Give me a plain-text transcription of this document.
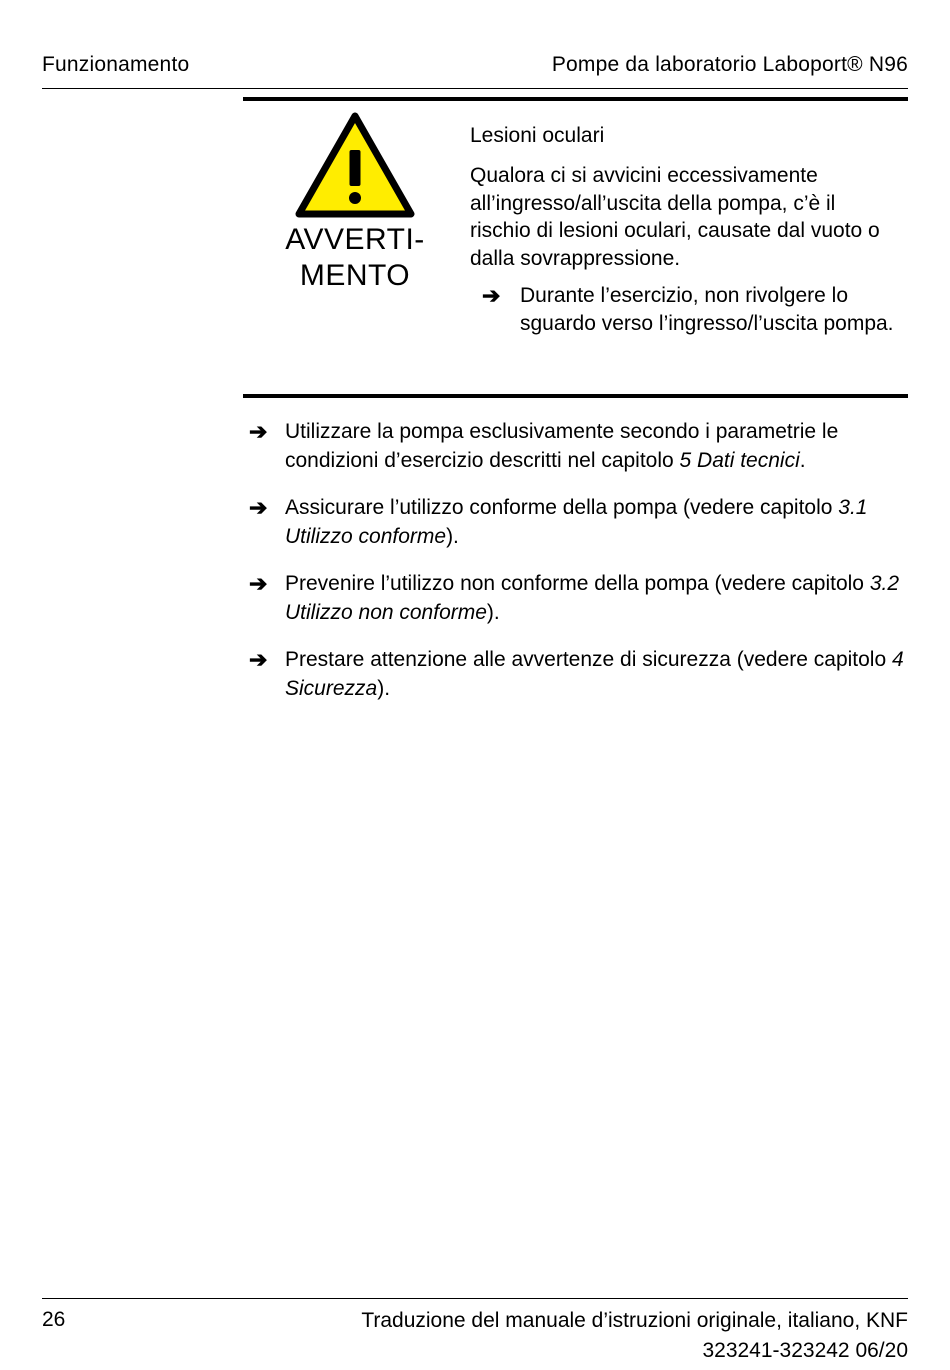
Funzionamento	Pompe da laboratorio Laboport® N96
AVVERTI-
MENTO
Lesioni oculari
Qualora ci si avvicini eccessivamente all’ingresso/all’uscita della pompa, c’è il rischio di lesioni oculari, causate dal vuoto o dalla sovrappressione.
➔ Durante l’esercizio, non rivolgere lo sguardo verso l’ingresso/l’uscita pompa.
➔ Utilizzare la pompa esclusivamente secondo i parametrie le condizioni d’esercizio descritti nel capitolo 5 Dati tecnici.
➔ Assicurare l’utilizzo conforme della pompa (vedere capitolo 3.1 Utilizzo conforme).
➔ Prevenire l’utilizzo non conforme della pompa (vedere capitolo 3.2 Utilizzo non conforme).
➔ Prestare attenzione alle avvertenze di sicurezza (vedere capitolo 4 Sicurezza).
26	Traduzione del manuale d’istruzioni originale, italiano, KNF
323241-323242 06/20
